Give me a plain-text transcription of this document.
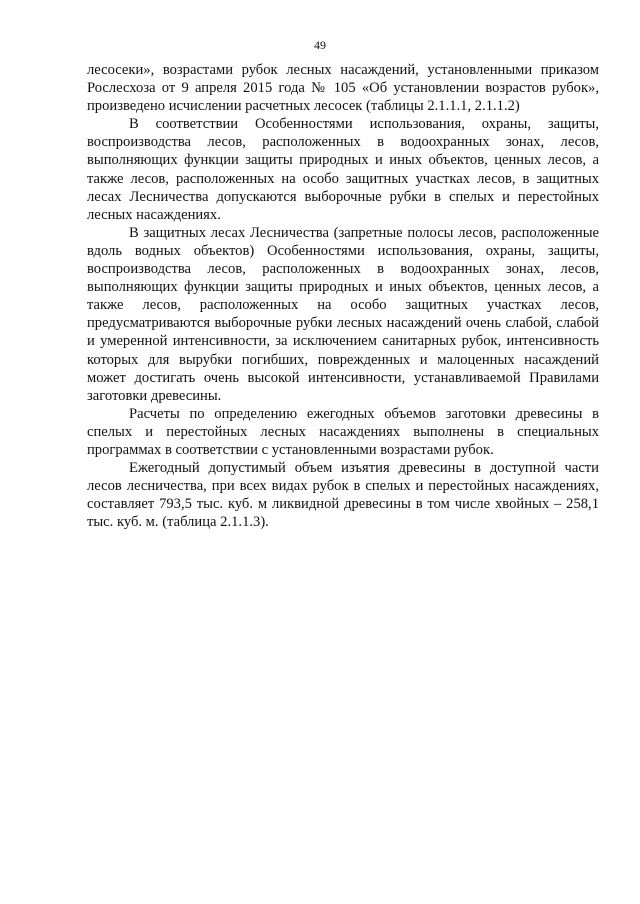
49

лесосеки», возрастами рубок лесных насаждений, установленными приказом Рослесхоза от 9 апреля 2015 года № 105 «Об установлении возрастов рубок», произведено исчислении расчетных лесосек (таблицы 2.1.1.1, 2.1.1.2)

В соответствии Особенностями использования, охраны, защиты, воспроизводства лесов, расположенных в водоохранных зонах, лесов, выполняющих функции защиты природных и иных объектов, ценных лесов, а также лесов, расположенных на особо защитных участках лесов, в защитных лесах Лесничества допускаются выборочные рубки в спелых и перестойных лесных насаждениях.

В защитных лесах Лесничества (запретные полосы лесов, расположенные вдоль водных объектов) Особенностями использования, охраны, защиты, воспроизводства лесов, расположенных в водоохранных зонах, лесов, выполняющих функции защиты природных и иных объектов, ценных лесов, а также лесов, расположенных на особо защитных участках лесов, предусматриваются выборочные рубки лесных насаждений очень слабой, слабой и умеренной интенсивности, за исключением санитарных рубок, интенсивность которых для вырубки погибших, поврежденных и малоценных насаждений может достигать очень высокой интенсивности, устанавливаемой Правилами заготовки древесины.

Расчеты по определению ежегодных объемов заготовки древесины в спелых и перестойных лесных насаждениях выполнены в специальных программах в соответствии с установленными возрастами рубок.

Ежегодный допустимый объем изъятия древесины в доступной части лесов лесничества, при всех видах рубок в спелых и перестойных насаждениях, составляет 793,5 тыс. куб. м ликвидной древесины в том числе хвойных – 258,1 тыс. куб. м. (таблица 2.1.1.3).
